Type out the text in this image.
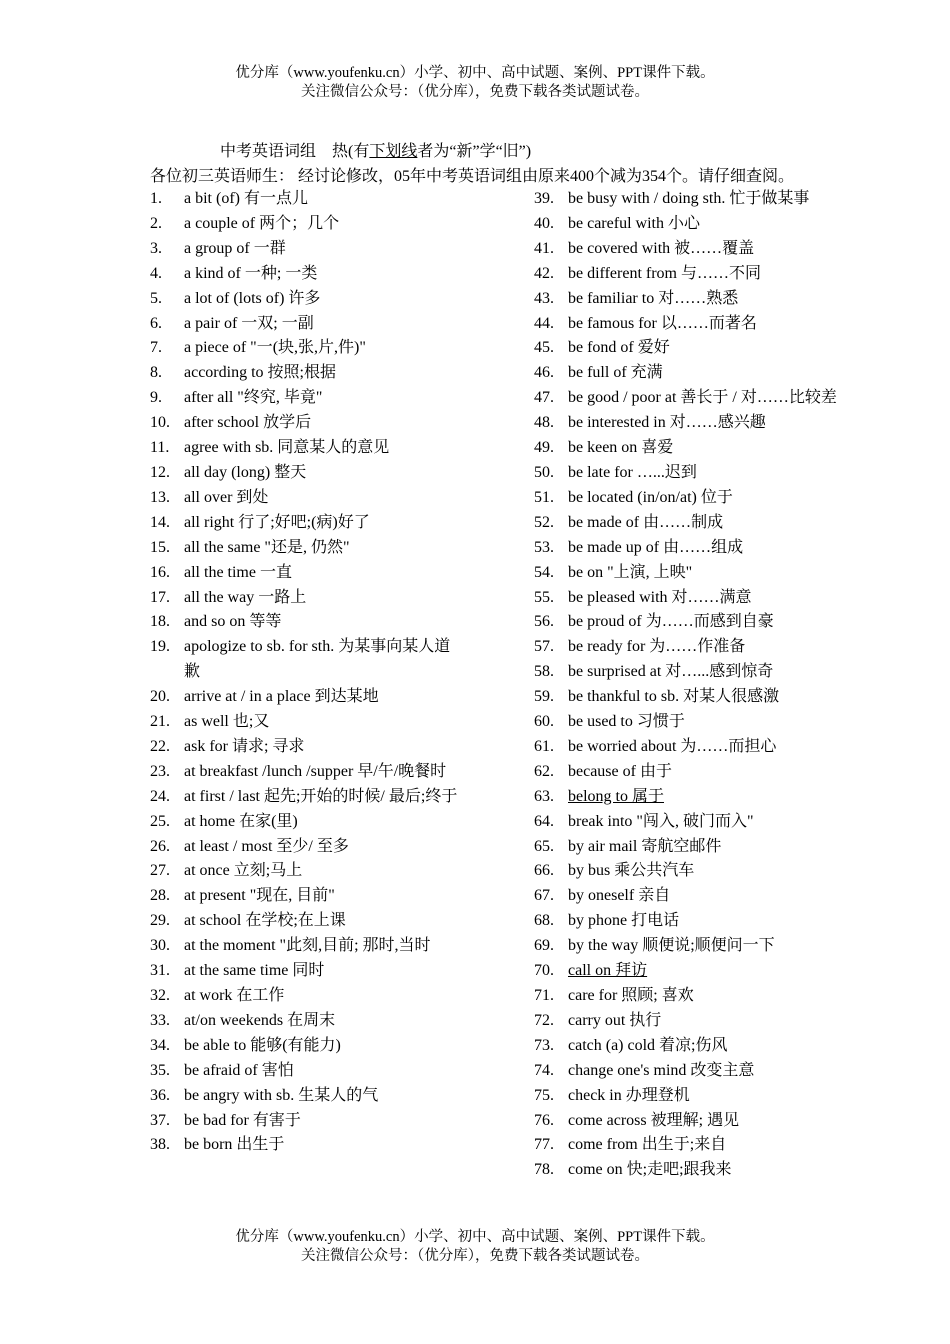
优分库（www.youfenku.cn）小学、初中、高中试题、案例、PPT课件下载。
关注微信公众号：（优分库），免费下载各类试题试卷。
中考英语词组　热(有下划线者为“新”学“旧”)
各位初三英语师生： 经讨论修改，05年中考英语词组由原来400个减为354个。请仔细查阅。
1. a bit (of) 有一点儿
2. a couple of 两个；几个
3. a group of 一群
4. a kind of 一种; 一类
5. a lot of (lots of) 许多
6. a pair of 一双; 一副
7. a piece of "一(块,张,片,件)"
8. according to 按照;根据
9. after all "终究, 毕竟"
10. after school 放学后
11. agree with sb. 同意某人的意见
12. all day (long) 整天
13. all over 到处
14. all right 行了;好吧;(病)好了
15. all the same "还是, 仍然"
16. all the time 一直
17. all the way 一路上
18. and so on 等等
19. apologize to sb. for sth. 为某事向某人道歉
20. arrive at / in a place 到达某地
21. as well 也;又
22. ask for 请求; 寻求
23. at breakfast /lunch /supper 早/午/晚餐时
24. at first / last 起先;开始的时候/ 最后;终于
25. at home 在家(里)
26. at least / most 至少/ 至多
27. at once 立刻;马上
28. at present "现在, 目前"
29. at school 在学校;在上课
30. at the moment "此刻,目前; 那时,当时
31. at the same time 同时
32. at work 在工作
33. at/on weekends 在周末
34. be able to 能够(有能力)
35. be afraid of 害怕
36. be angry with sb. 生某人的气
37. be bad for 有害于
38. be born 出生于
39. be busy with / doing sth. 忙于做某事
40. be careful with 小心
41. be covered with 被……覆盖
42. be different from 与……不同
43. be familiar to 对……熟悉
44. be famous for 以……而著名
45. be fond of 爱好
46. be full of 充满
47. be good / poor at 善长于 / 对……比较差
48. be interested in 对……感兴趣
49. be keen on 喜爱
50. be late for …...迟到
51. be located (in/on/at) 位于
52. be made of 由……制成
53. be made up of 由……组成
54. be on "上演, 上映"
55. be pleased with 对……满意
56. be proud of 为……而感到自豪
57. be ready for 为……作准备
58. be surprised at 对…...感到惊奇
59. be thankful to sb. 对某人很感激
60. be used to 习惯于
61. be worried about 为……而担心
62. because of 由于
63. belong to 属于
64. break into "闯入, 破门而入"
65. by air mail 寄航空邮件
66. by bus 乘公共汽车
67. by oneself 亲自
68. by phone 打电话
69. by the way 顺便说;顺便问一下
70. call on 拜访
71. care for 照顾; 喜欢
72. carry out 执行
73. catch (a) cold 着凉;伤风
74. change one's mind 改变主意
75. check in 办理登机
76. come across 被理解; 遇见
77. come from 出生于;来自
78. come on 快;走吧;跟我来
优分库（www.youfenku.cn）小学、初中、高中试题、案例、PPT课件下载。
关注微信公众号：（优分库），免费下载各类试题试卷。
